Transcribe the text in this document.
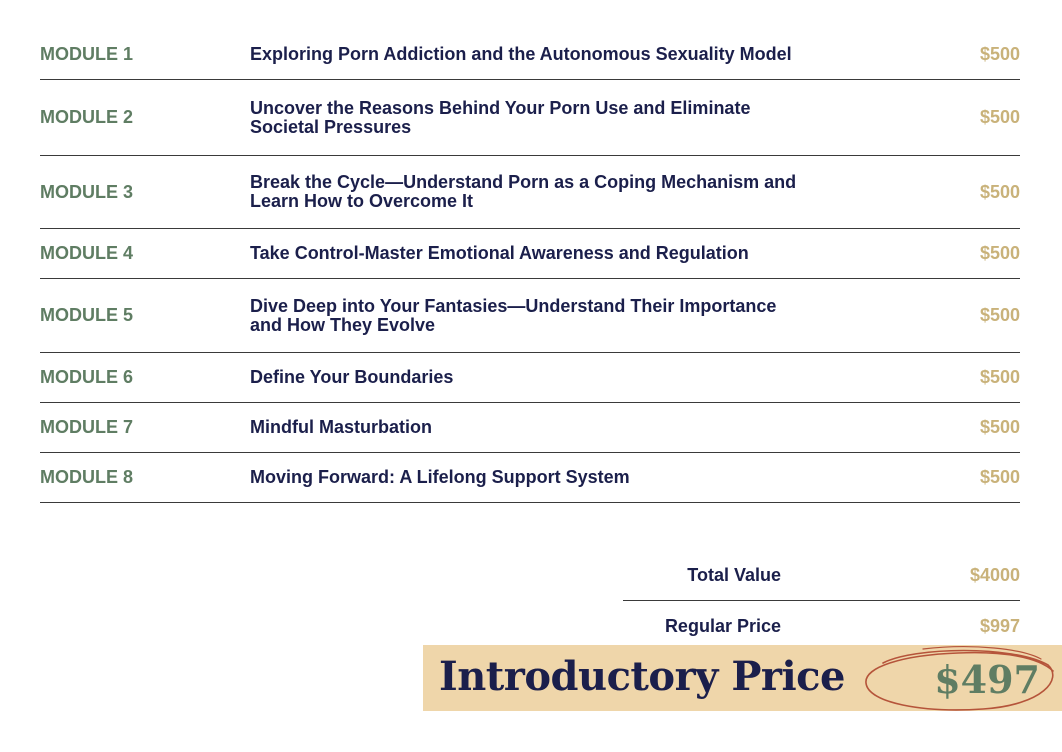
MODULE 1	Exploring Porn Addiction and the Autonomous Sexuality Model	$500
MODULE 2	Uncover the Reasons Behind Your Porn Use and Eliminate Societal Pressures	$500
MODULE 3	Break the Cycle—Understand Porn as a Coping Mechanism and Learn How to Overcome It	$500
MODULE 4	Take Control-Master Emotional Awareness and Regulation	$500
MODULE 5	Dive Deep into Your Fantasies—Understand Their Importance and How They Evolve	$500
MODULE 6	Define Your Boundaries	$500
MODULE 7	Mindful Masturbation	$500
MODULE 8	Moving Forward: A Lifelong Support System	$500
Total Value	$4000
Regular Price	$997
Introductory Price $497
